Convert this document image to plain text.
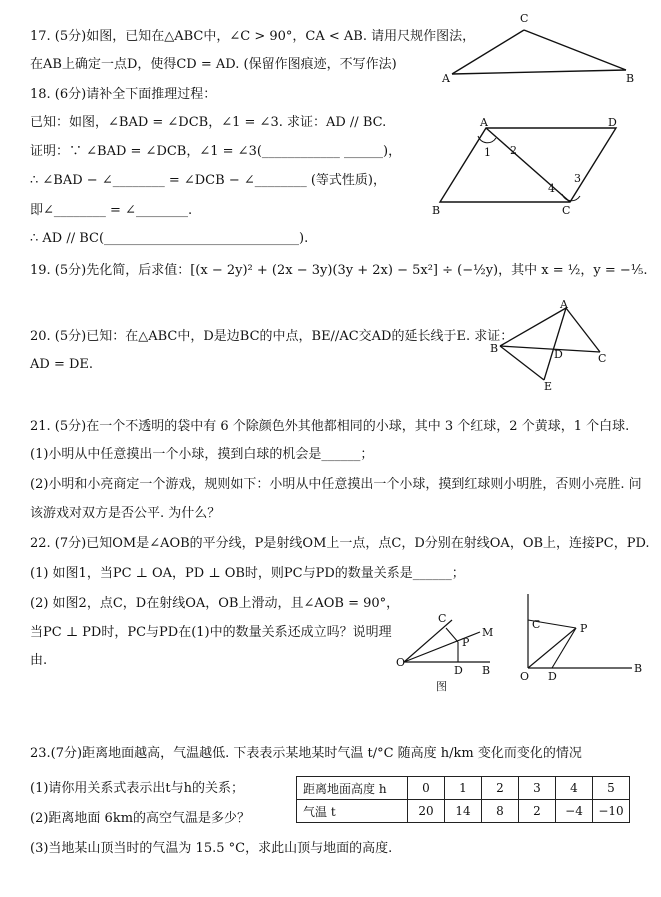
17. (5分)如图，已知在△ABC中，∠C > 90°，CA < AB. 请用尺规作图法，
在AB上确定一点D，使得CD = AD. (保留作图痕迹，不写作法)
A
C
B
18. (6分)请补全下面推理过程：
已知：如图，∠BAD = ∠DCB，∠1 = ∠3. 求证：AD // BC.
证明：∵ ∠BAD = ∠DCB，∠1 = ∠3(____________ ______)，
∴ ∠BAD − ∠________ = ∠DCB − ∠________ (等式性质)，
即∠________ = ∠________.
∴ AD // BC(______________________________).
A	D
B	C
1 2
4
3
19. (5分)先化简，后求值：[(x − 2y)² + (2x − 3y)(3y + 2x) − 5x²] ÷ (−½y)，其中 x = ½，y = −⅕.
20. (5分)已知：在△ABC中，D是边BC的中点，BE//AC交AD的延长线于E. 求证：
AD = DE.
A
B
C
D
E
21. (5分)在一个不透明的袋中有 6 个除颜色外其他都相同的小球，其中 3 个红球，2 个黄球，1 个白球.
(1)小明从中任意摸出一个小球，摸到白球的机会是______；
(2)小明和小亮商定一个游戏，规则如下：小明从中任意摸出一个小球，摸到红球则小明胜，否则小亮胜. 问
该游戏对双方是否公平. 为什么？
22. (7分)已知OM是∠AOB的平分线，P是射线OM上一点，点C，D分别在射线OA，OB上，连接PC，PD.
(1) 如图1，当PC ⊥ OA，PD ⊥ OB时，则PC与PD的数量关系是______；
(2) 如图2，点C，D在射线OA，OB上滑动，且∠AOB = 90°，
当PC ⊥ PD时，PC与PD在(1)中的数量关系还成立吗？说明理
由.	O
C
P
M
D B
图
C	P
O D
B
23.(7分)距离地面越高，气温越低. 下表表示某地某时气温 t/°C 随高度 h/km 变化而变化的情况
(1)请你用关系式表示出t与h的关系；
(2)距离地面 6km的高空气温是多少？
(3)当地某山顶当时的气温为 15.5 °C，求此山顶与地面的高度.
距离地面高度 h	0	1	2	3	4	5
气温 t	20	14	8	2	−4	−10
